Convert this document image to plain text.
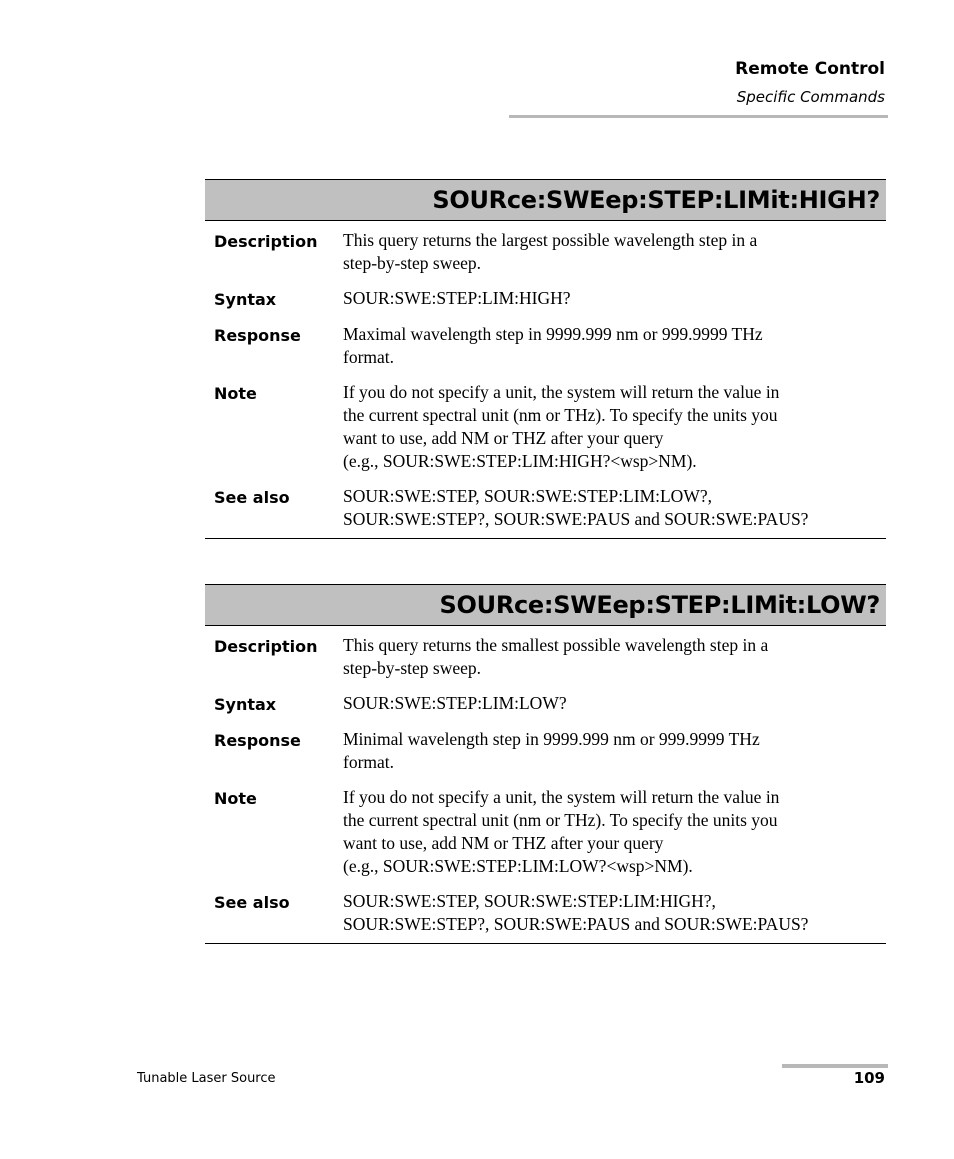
Remote Control
Specific Commands
SOURce:SWEep:STEP:LIMit:HIGH?
Description	This query returns the largest possible wavelength step in a
step-by-step sweep.
Syntax	SOUR:SWE:STEP:LIM:HIGH?
Response	Maximal wavelength step in 9999.999 nm or 999.9999 THz
format.
Note	If you do not specify a unit, the system will return the value in
the current spectral unit (nm or THz). To specify the units you
want to use, add NM or THZ after your query
(e.g., SOUR:SWE:STEP:LIM:HIGH?<wsp>NM).
See also	SOUR:SWE:STEP, SOUR:SWE:STEP:LIM:LOW?,
SOUR:SWE:STEP?, SOUR:SWE:PAUS and SOUR:SWE:PAUS?
SOURce:SWEep:STEP:LIMit:LOW?
Description	This query returns the smallest possible wavelength step in a
step-by-step sweep.
Syntax	SOUR:SWE:STEP:LIM:LOW?
Response	Minimal wavelength step in 9999.999 nm or 999.9999 THz
format.
Note	If you do not specify a unit, the system will return the value in
the current spectral unit (nm or THz). To specify the units you
want to use, add NM or THZ after your query
(e.g., SOUR:SWE:STEP:LIM:LOW?<wsp>NM).
See also	SOUR:SWE:STEP, SOUR:SWE:STEP:LIM:HIGH?,
SOUR:SWE:STEP?, SOUR:SWE:PAUS and SOUR:SWE:PAUS?
Tunable Laser Source	109
